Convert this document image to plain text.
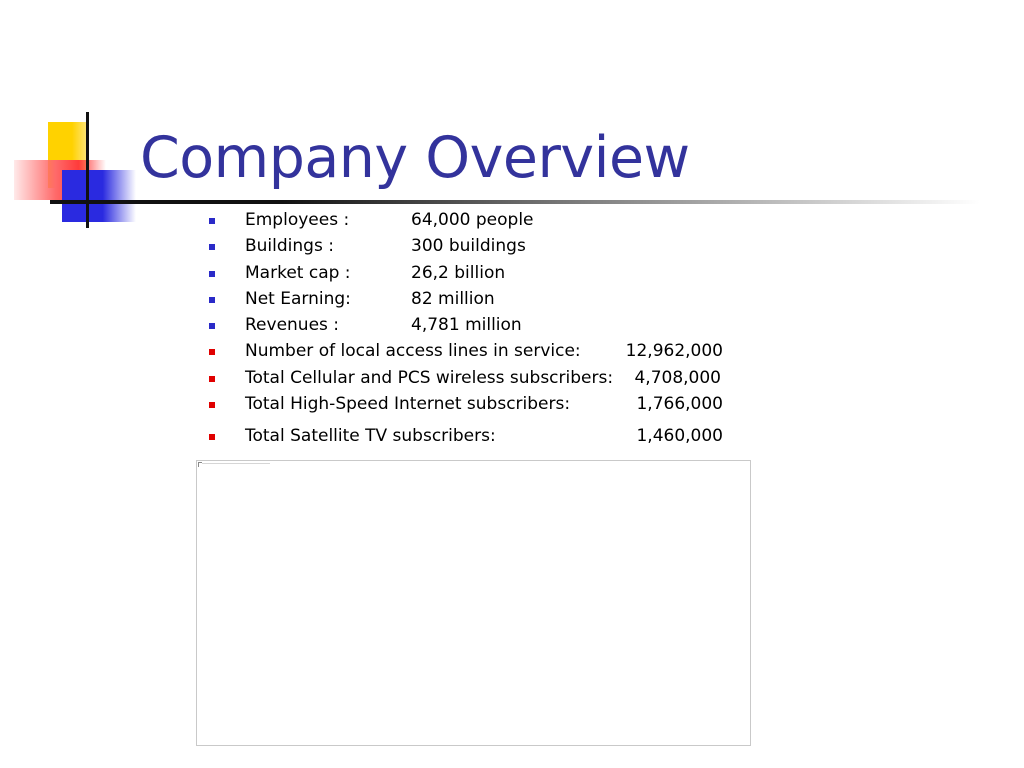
Company Overview
Employees :	64,000 people
Buildings :	300 buildings
Market cap :	26,2 billion
Net Earning:	82 million
Revenues :	4,781 million
Number of local access lines in service:	12,962,000
Total Cellular and PCS wireless subscribers: 4,708,000
Total High-Speed Internet subscribers:	1,766,000
Total Satellite TV subscribers:	1,460,000
